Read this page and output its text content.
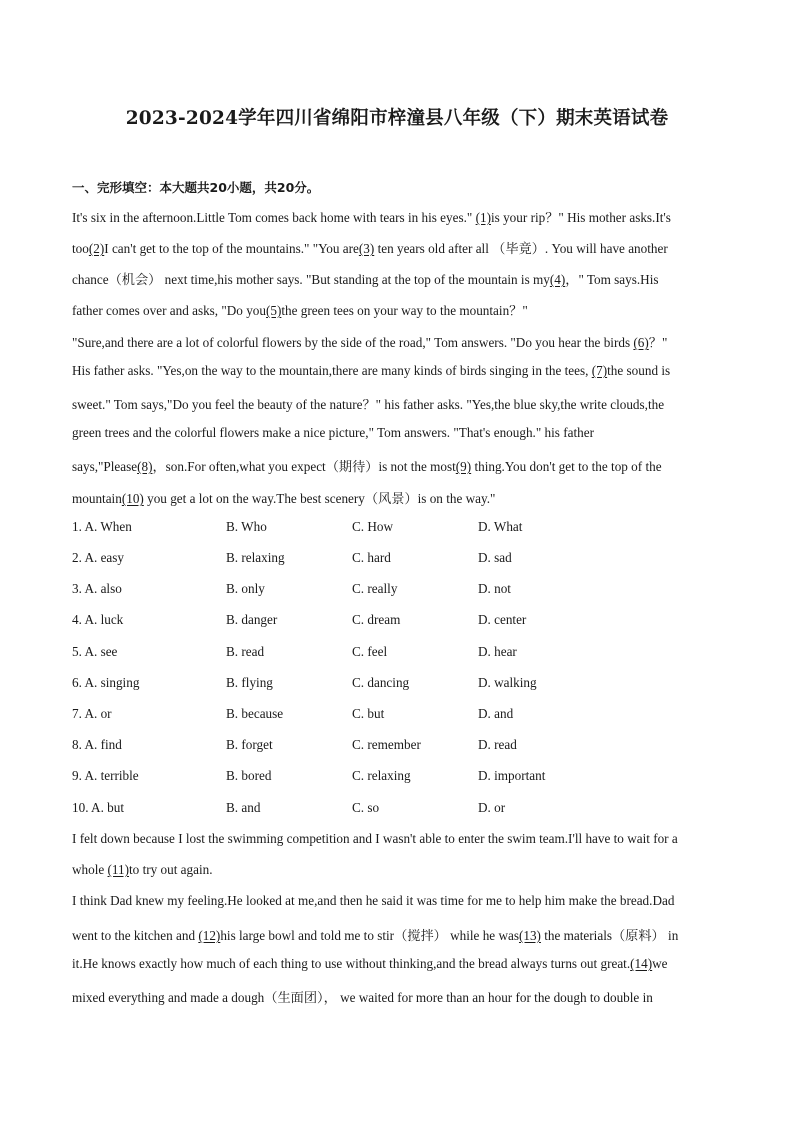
2023-2024学年四川省绵阳市梓潼县八年级（下）期末英语试卷
一、完形填空：本大题共20小题，共20分。
It's six in the afternoon.Little Tom comes back home with tears in his eyes." (1)is your rip？" His mother asks.It's
too(2)I can't get to the top of the mountains." "You are(3) ten years old after all （毕竟）. You will have another
chance（机会） next time,his mother says. "But standing at the top of the mountain is my(4)，" Tom says.His
father comes over and asks, "Do you(5)the green tees on your way to the mountain？"
"Sure,and there are a lot of colorful flowers by the side of the road," Tom answers. "Do you hear the birds (6)？"
His father asks. "Yes,on the way to the mountain,there are many kinds of birds singing in the tees, (7)the sound is
sweet." Tom says,"Do you feel the beauty of the nature？" his father asks. "Yes,the blue sky,the write clouds,the
green trees and the colorful flowers make a nice picture," Tom answers. "That's enough." his father
says,"Please(8)，son.For often,what you expect（期待）is not the most(9) thing.You don't get to the top of the
mountain(10) you get a lot on the way.The best scenery（风景）is on the way."
1. A. When	B. Who	C. How	D. What
2. A. easy	B. relaxing	C. hard	D. sad
3. A. also	B. only	C. really	D. not
4. A. luck	B. danger	C. dream	D. center
5. A. see	B. read	C. feel	D. hear
6. A. singing	B. flying	C. dancing	D. walking
7. A. or	B. because	C. but	D. and
8. A. find	B. forget	C. remember	D. read
9. A. terrible	B. bored	C. relaxing	D. important
10. A. but	B. and	C. so	D. or
I felt down because I lost the swimming competition and I wasn't able to enter the swim team.I'll have to wait for a
whole (11)to try out again.
I think Dad knew my feeling.He looked at me,and then he said it was time for me to help him make the bread.Dad
went to the kitchen and (12)his large bowl and told me to stir（搅拌） while he was(13) the materials（原料） in
it.He knows exactly how much of each thing to use without thinking,and the bread always turns out great.(14)we
mixed everything and made a dough（生面团）， we waited for more than an hour for the dough to double in
